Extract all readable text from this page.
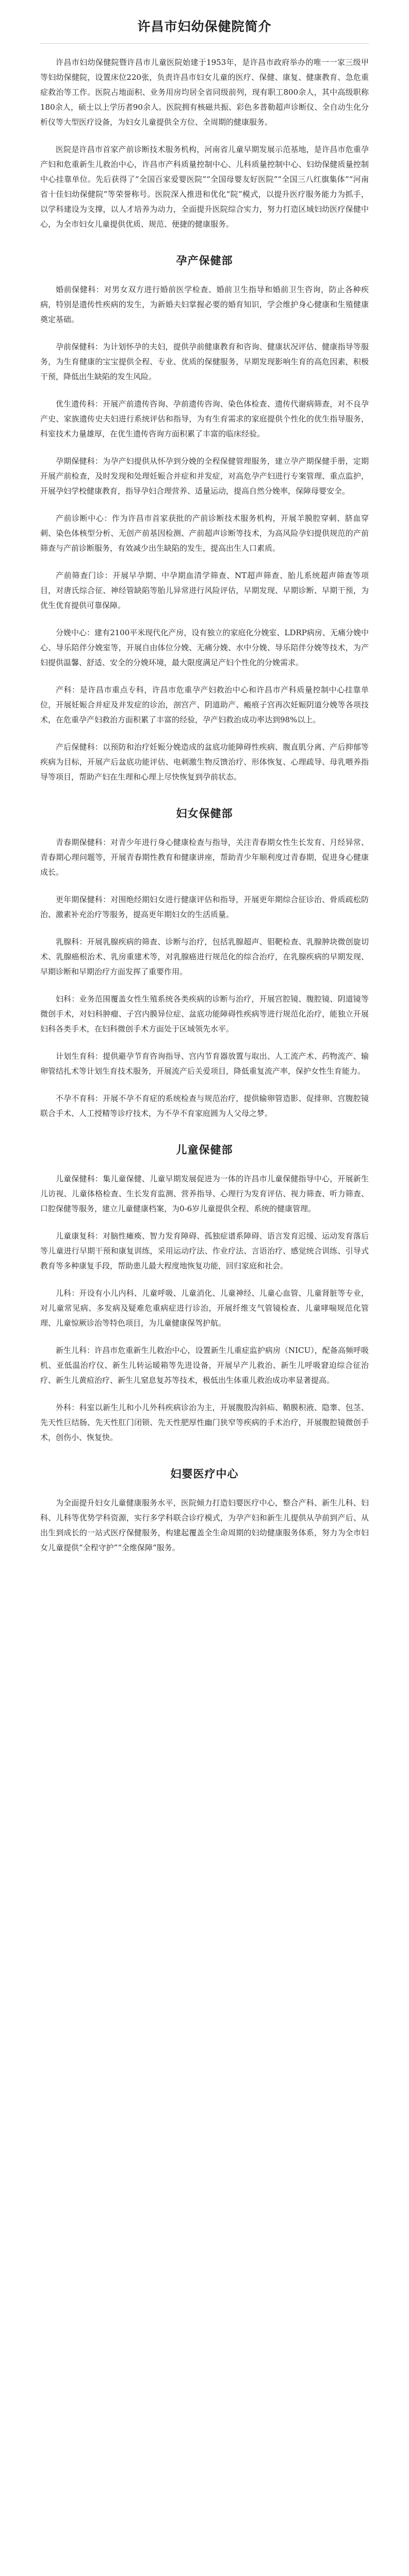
许昌市妇幼保健院简介

许昌市妇幼保健院暨许昌市儿童医院始建于1953年，是许昌市政府举办的唯一一家三级甲等妇幼保健院，设置床位220张，负责许昌市妇女儿童的医疗、保健、康复、健康教育、急危重症救治等工作。医院占地面积、业务用房均居全省同级前列，现有职工800余人，其中高级职称180余人，硕士以上学历者90余人。医院拥有核磁共振、彩色多普勒超声诊断仪、全自动生化分析仪等大型医疗设备，为妇女儿童提供全方位、全周期的健康服务。

医院是许昌市首家产前诊断技术服务机构，河南省儿童早期发展示范基地，是许昌市危重孕产妇和危重新生儿救治中心，许昌市产科质量控制中心、儿科质量控制中心、妇幼保健质量控制中心挂靠单位。先后获得了“全国百家爱婴医院”“全国母婴友好医院”“全国三八红旗集体”“河南省十佳妇幼保健院”等荣誉称号。医院深入推进和优化“院”模式，以提升医疗服务能力为抓手，以学科建设为支撑，以人才培养为动力，全面提升医院综合实力，努力打造区域妇幼医疗保健中心，为全市妇女儿童提供优质、规范、便捷的健康服务。

孕产保健部

婚前保健科：对男女双方进行婚前医学检查、婚前卫生指导和婚前卫生咨询，防止各种疾病，特别是遗传性疾病的发生，为新婚夫妇掌握必要的婚育知识，学会维护身心健康和生殖健康奠定基础。

孕前保健科：为计划怀孕的夫妇，提供孕前健康教育和咨询、健康状况评估、健康指导等服务，为生育健康的宝宝提供全程、专业、优质的保健服务，早期发现影响生育的高危因素，积极干预，降低出生缺陷的发生风险。

优生遗传科：开展产前遗传咨询、孕前遗传咨询、染色体检查、遗传代谢病筛查，对不良孕产史、家族遗传史夫妇进行系统评估和指导，为有生育需求的家庭提供个性化的优生指导服务，科室技术力量雄厚，在优生遗传咨询方面积累了丰富的临床经验。

孕期保健科：为孕产妇提供从怀孕到分娩的全程保健管理服务，建立孕产期保健手册，定期开展产前检查，及时发现和处理妊娠合并症和并发症，对高危孕产妇进行专案管理、重点监护，开展孕妇学校健康教育，指导孕妇合理营养、适量运动，提高自然分娩率，保障母婴安全。

产前诊断中心：作为许昌市首家获批的产前诊断技术服务机构，开展羊膜腔穿刺、脐血穿刺、染色体核型分析、无创产前基因检测、产前超声诊断等技术，为高风险孕妇提供规范的产前筛查与产前诊断服务，有效减少出生缺陷的发生，提高出生人口素质。

产前筛查门诊：开展早孕期、中孕期血清学筛查、NT超声筛查、胎儿系统超声筛查等项目，对唐氏综合征、神经管缺陷等胎儿异常进行风险评估，早期发现、早期诊断、早期干预，为优生优育提供可靠保障。

分娩中心：建有2100平米现代化产房，设有独立的家庭化分娩室、LDRP病房、无痛分娩中心、导乐陪伴分娩室等，开展自由体位分娩、无痛分娩、水中分娩、导乐陪伴分娩等技术，为产妇提供温馨、舒适、安全的分娩环境，最大限度满足产妇个性化的分娩需求。

产科：是许昌市重点专科，许昌市危重孕产妇救治中心和许昌市产科质量控制中心挂靠单位，开展妊娠合并症及并发症的诊治，剖宫产、阴道助产、瘢痕子宫再次妊娠阴道分娩等各项技术，在危重孕产妇救治方面积累了丰富的经验，孕产妇救治成功率达到98%以上。

产后保健科：以预防和治疗妊娠分娩造成的盆底功能障碍性疾病、腹直肌分离、产后抑郁等疾病为目标，开展产后盆底功能评估、电刺激生物反馈治疗、形体恢复、心理疏导、母乳喂养指导等项目，帮助产妇在生理和心理上尽快恢复到孕前状态。

妇女保健部

青春期保健科：对青少年进行身心健康检查与指导，关注青春期女性生长发育、月经异常、青春期心理问题等，开展青春期性教育和健康讲座，帮助青少年顺利度过青春期，促进身心健康成长。

更年期保健科：对围绝经期妇女进行健康评估和指导，开展更年期综合征诊治、骨质疏松防治、激素补充治疗等服务，提高更年期妇女的生活质量。

乳腺科：开展乳腺疾病的筛查、诊断与治疗，包括乳腺超声、钼靶检查、乳腺肿块微创旋切术、乳腺癌根治术、乳房重建术等，对乳腺癌进行规范化的综合治疗，在乳腺疾病的早期发现、早期诊断和早期治疗方面发挥了重要作用。

妇科：业务范围覆盖女性生殖系统各类疾病的诊断与治疗，开展宫腔镜、腹腔镜、阴道镜等微创手术，对妇科肿瘤、子宫内膜异位症、盆底功能障碍性疾病等进行规范化治疗，能独立开展妇科各类手术，在妇科微创手术方面处于区域领先水平。

计划生育科：提供避孕节育咨询指导、宫内节育器放置与取出、人工流产术、药物流产、输卵管结扎术等计划生育技术服务，开展流产后关爱项目，降低重复流产率，保护女性生育能力。

不孕不育科：开展不孕不育症的系统检查与规范治疗，提供输卵管造影、促排卵、宫腹腔镜联合手术、人工授精等诊疗技术，为不孕不育家庭圆为人父母之梦。

儿童保健部

儿童保健科：集儿童保健、儿童早期发展促进为一体的许昌市儿童保健指导中心，开展新生儿访视、儿童体格检查、生长发育监测、营养指导、心理行为发育评估、视力筛查、听力筛查、口腔保健等服务，建立儿童健康档案，为0-6岁儿童提供全程、系统的健康管理。

儿童康复科：对脑性瘫痪、智力发育障碍、孤独症谱系障碍、语言发育迟缓、运动发育落后等儿童进行早期干预和康复训练，采用运动疗法、作业疗法、言语治疗、感觉统合训练、引导式教育等多种康复手段，帮助患儿最大程度地恢复功能，回归家庭和社会。

儿科：开设有小儿内科、儿童呼吸、儿童消化、儿童神经、儿童心血管、儿童肾脏等专业，对儿童常见病、多发病及疑难危重病症进行诊治，开展纤维支气管镜检查、儿童哮喘规范化管理、儿童惊厥诊治等特色项目，为儿童健康保驾护航。

新生儿科：许昌市危重新生儿救治中心，设置新生儿重症监护病房（NICU），配备高频呼吸机、亚低温治疗仪、新生儿转运暖箱等先进设备，开展早产儿救治、新生儿呼吸窘迫综合征治疗、新生儿黄疸治疗、新生儿窒息复苏等技术，极低出生体重儿救治成功率显著提高。

外科：科室以新生儿和小儿外科疾病诊治为主，开展腹股沟斜疝、鞘膜积液、隐睾、包茎、先天性巨结肠、先天性肛门闭锁、先天性肥厚性幽门狭窄等疾病的手术治疗，开展腹腔镜微创手术，创伤小、恢复快。

妇婴医疗中心

为全面提升妇女儿童健康服务水平，医院倾力打造妇婴医疗中心，整合产科、新生儿科、妇科、儿科等优势学科资源，实行多学科联合诊疗模式，为孕产妇和新生儿提供从孕前到产后、从出生到成长的一站式医疗保健服务，构建起覆盖全生命周期的妇幼健康服务体系，努力为全市妇女儿童提供“全程守护”“全维保障”服务。
